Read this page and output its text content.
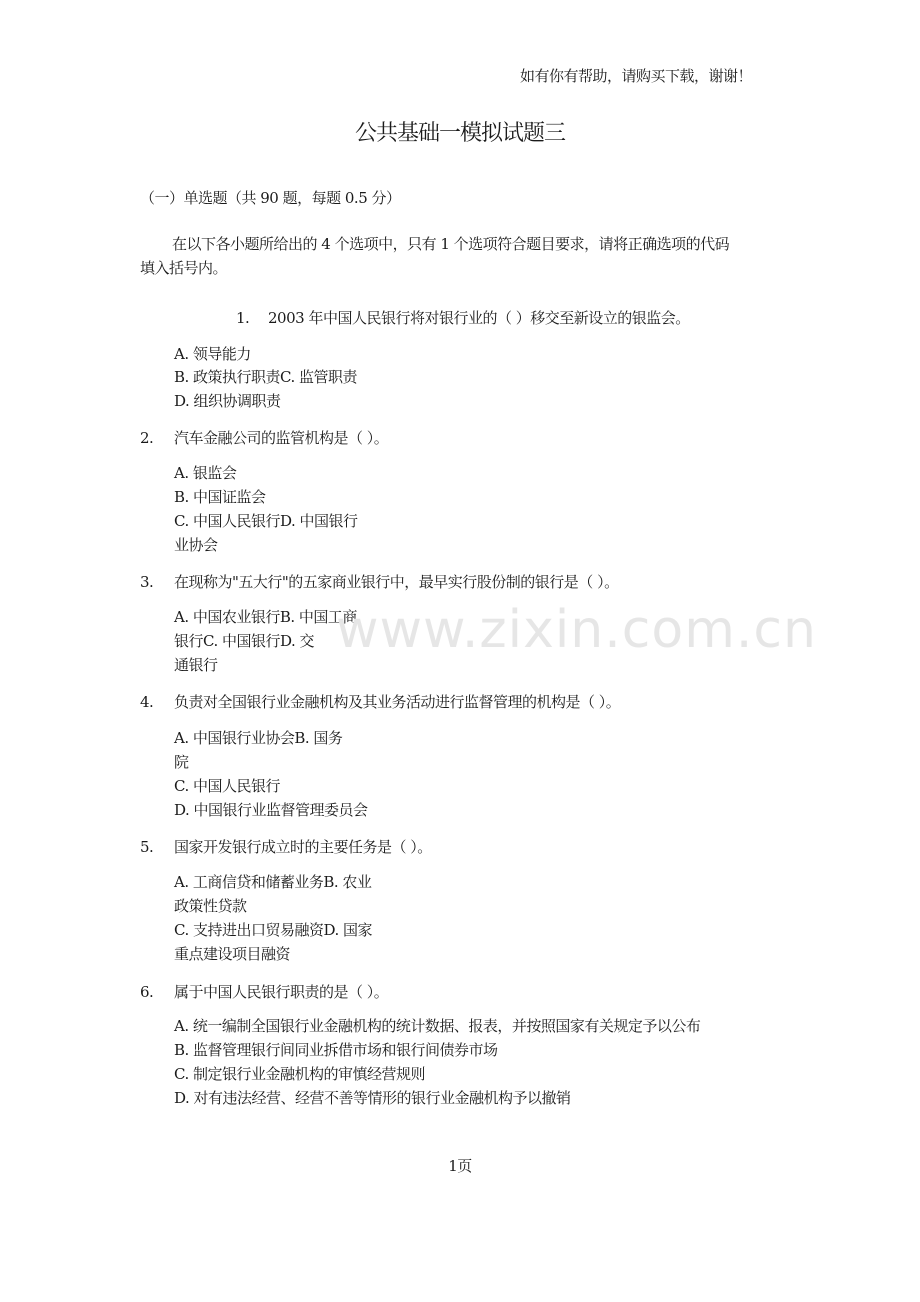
如有你有帮助，请购买下载，谢谢！
公共基础一模拟试题三
（一）单选题（共 90 题，每题 0.5 分）
在以下各小题所给出的 4 个选项中，只有 1 个选项符合题目要求，请将正确选项的代码
填入括号内。
1. 2003 年中国人民银行将对银行业的（ ）移交至新设立的银监会。
A. 领导能力
B. 政策执行职责C. 监管职责
D. 组织协调职责
2. 汽车金融公司的监管机构是（ ）。
A. 银监会
B. 中国证监会
C. 中国人民银行D. 中国银行
业协会
3. 在现称为"五大行"的五家商业银行中，最早实行股份制的银行是（ ）。
A. 中国农业银行B. 中国工商
银行C. 中国银行D. 交
通银行
4. 负责对全国银行业金融机构及其业务活动进行监督管理的机构是（ ）。
A. 中国银行业协会B. 国务
院
C. 中国人民银行
D. 中国银行业监督管理委员会
5. 国家开发银行成立时的主要任务是（ ）。
A. 工商信贷和储蓄业务B. 农业
政策性贷款
C. 支持进出口贸易融资D. 国家
重点建设项目融资
6. 属于中国人民银行职责的是（ ）。
A. 统一编制全国银行业金融机构的统计数据、报表，并按照国家有关规定予以公布
B. 监督管理银行间同业拆借市场和银行间债券市场
C. 制定银行业金融机构的审慎经营规则
D. 对有违法经营、经营不善等情形的银行业金融机构予以撤销
www.zixin.com.cn
1页
